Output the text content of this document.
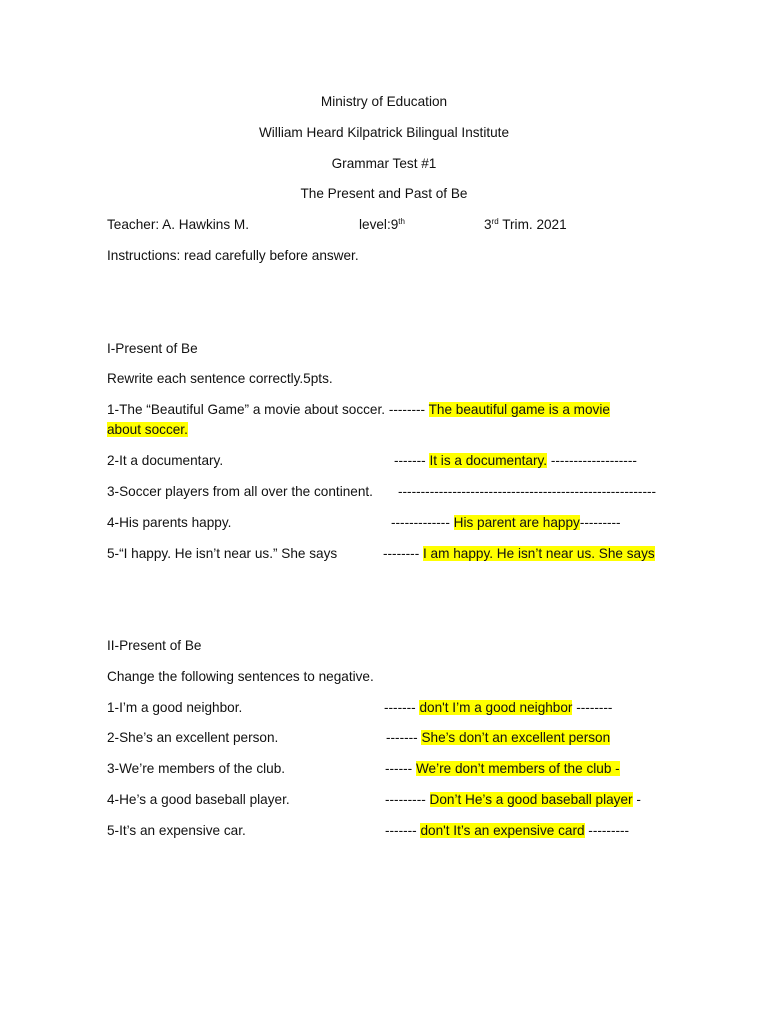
Ministry of Education
William Heard Kilpatrick Bilingual Institute
Grammar Test #1
The Present and Past of Be
Teacher: A. Hawkins M.	level:9th	3rd Trim. 2021
Instructions: read carefully before answer.
I-Present of Be
Rewrite each sentence correctly.5pts.
1-The “Beautiful Game” a movie about soccer. -------- The beautiful game is a movie
about soccer.
2-It a documentary.	------- It is a documentary. -------------------
3-Soccer players from all over the continent. ---------------------------------------------------------
4-His parents happy.	------------- His parent are happy---------
5-“I happy. He isn’t near us.” She says	-------- I am happy. He isn’t near us. She says
II-Present of Be
Change the following sentences to negative.
1-I’m a good neighbor.	------- don't I’m a good neighbor --------
2-She’s an excellent person.	------- She’s don’t an excellent person
3-We’re members of the club.	------ We’re don’t members of the club -
4-He’s a good baseball player.	--------- Don’t He’s a good baseball player -
5-It’s an expensive car.	------- don't It’s an expensive card ---------
